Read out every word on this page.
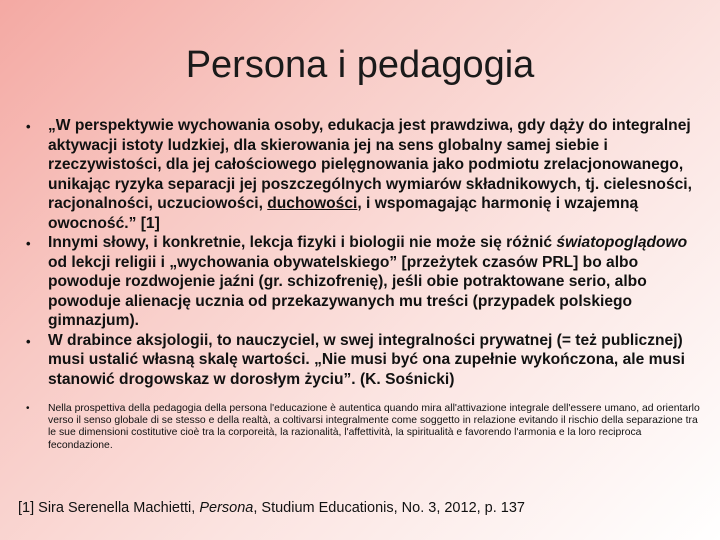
Persona i pedagogia
• „W perspektywie wychowania osoby, edukacja jest prawdziwa, gdy dąży do integralnej aktywacji istoty ludzkiej, dla skierowania jej na sens globalny samej siebie i rzeczywistości, dla jej całościowego pielęgnowania jako podmiotu zrelacjonowanego, unikając ryzyka separacji jej poszczególnych wymiarów składnikowych, tj. cielesności, racjonalności, uczuciowości, duchowości, i wspomagając harmonię i wzajemną owocność.” [1]
• Innymi słowy, i konkretnie, lekcja fizyki i biologii nie może się różnić światopoglądowo od lekcji religii i „wychowania obywatelskiego” [przeżytek czasów PRL] bo albo powoduje rozdwojenie jaźni (gr. schizofrenię), jeśli obie potraktowane serio, albo powoduje alienację ucznia od przekazywanych mu treści (przypadek polskiego gimnazjum).
• W drabince aksjologii, to nauczyciel, w swej integralności prywatnej (= też publicznej) musi ustalić własną skalę wartości. „Nie musi być ona zupełnie wykończona, ale musi stanowić drogowskaz w dorosłym życiu”. (K. Sośnicki)
• Nella prospettiva della pedagogia della persona l'educazione è autentica quando mira all'attivazione integrale dell'essere umano, ad orientarlo verso il senso globale di se stesso e della realtà, a coltivarsi integralmente come soggetto in relazione evitando il rischio della separazione tra le sue dimensioni costitutive cioè tra la corporeità, la razionalità, l'affettività, la spiritualità e favorendo l'armonia e la loro reciproca fecondazione.
[1] Sira Serenella Machietti, Persona, Studium Educationis, No. 3, 2012, p. 137
